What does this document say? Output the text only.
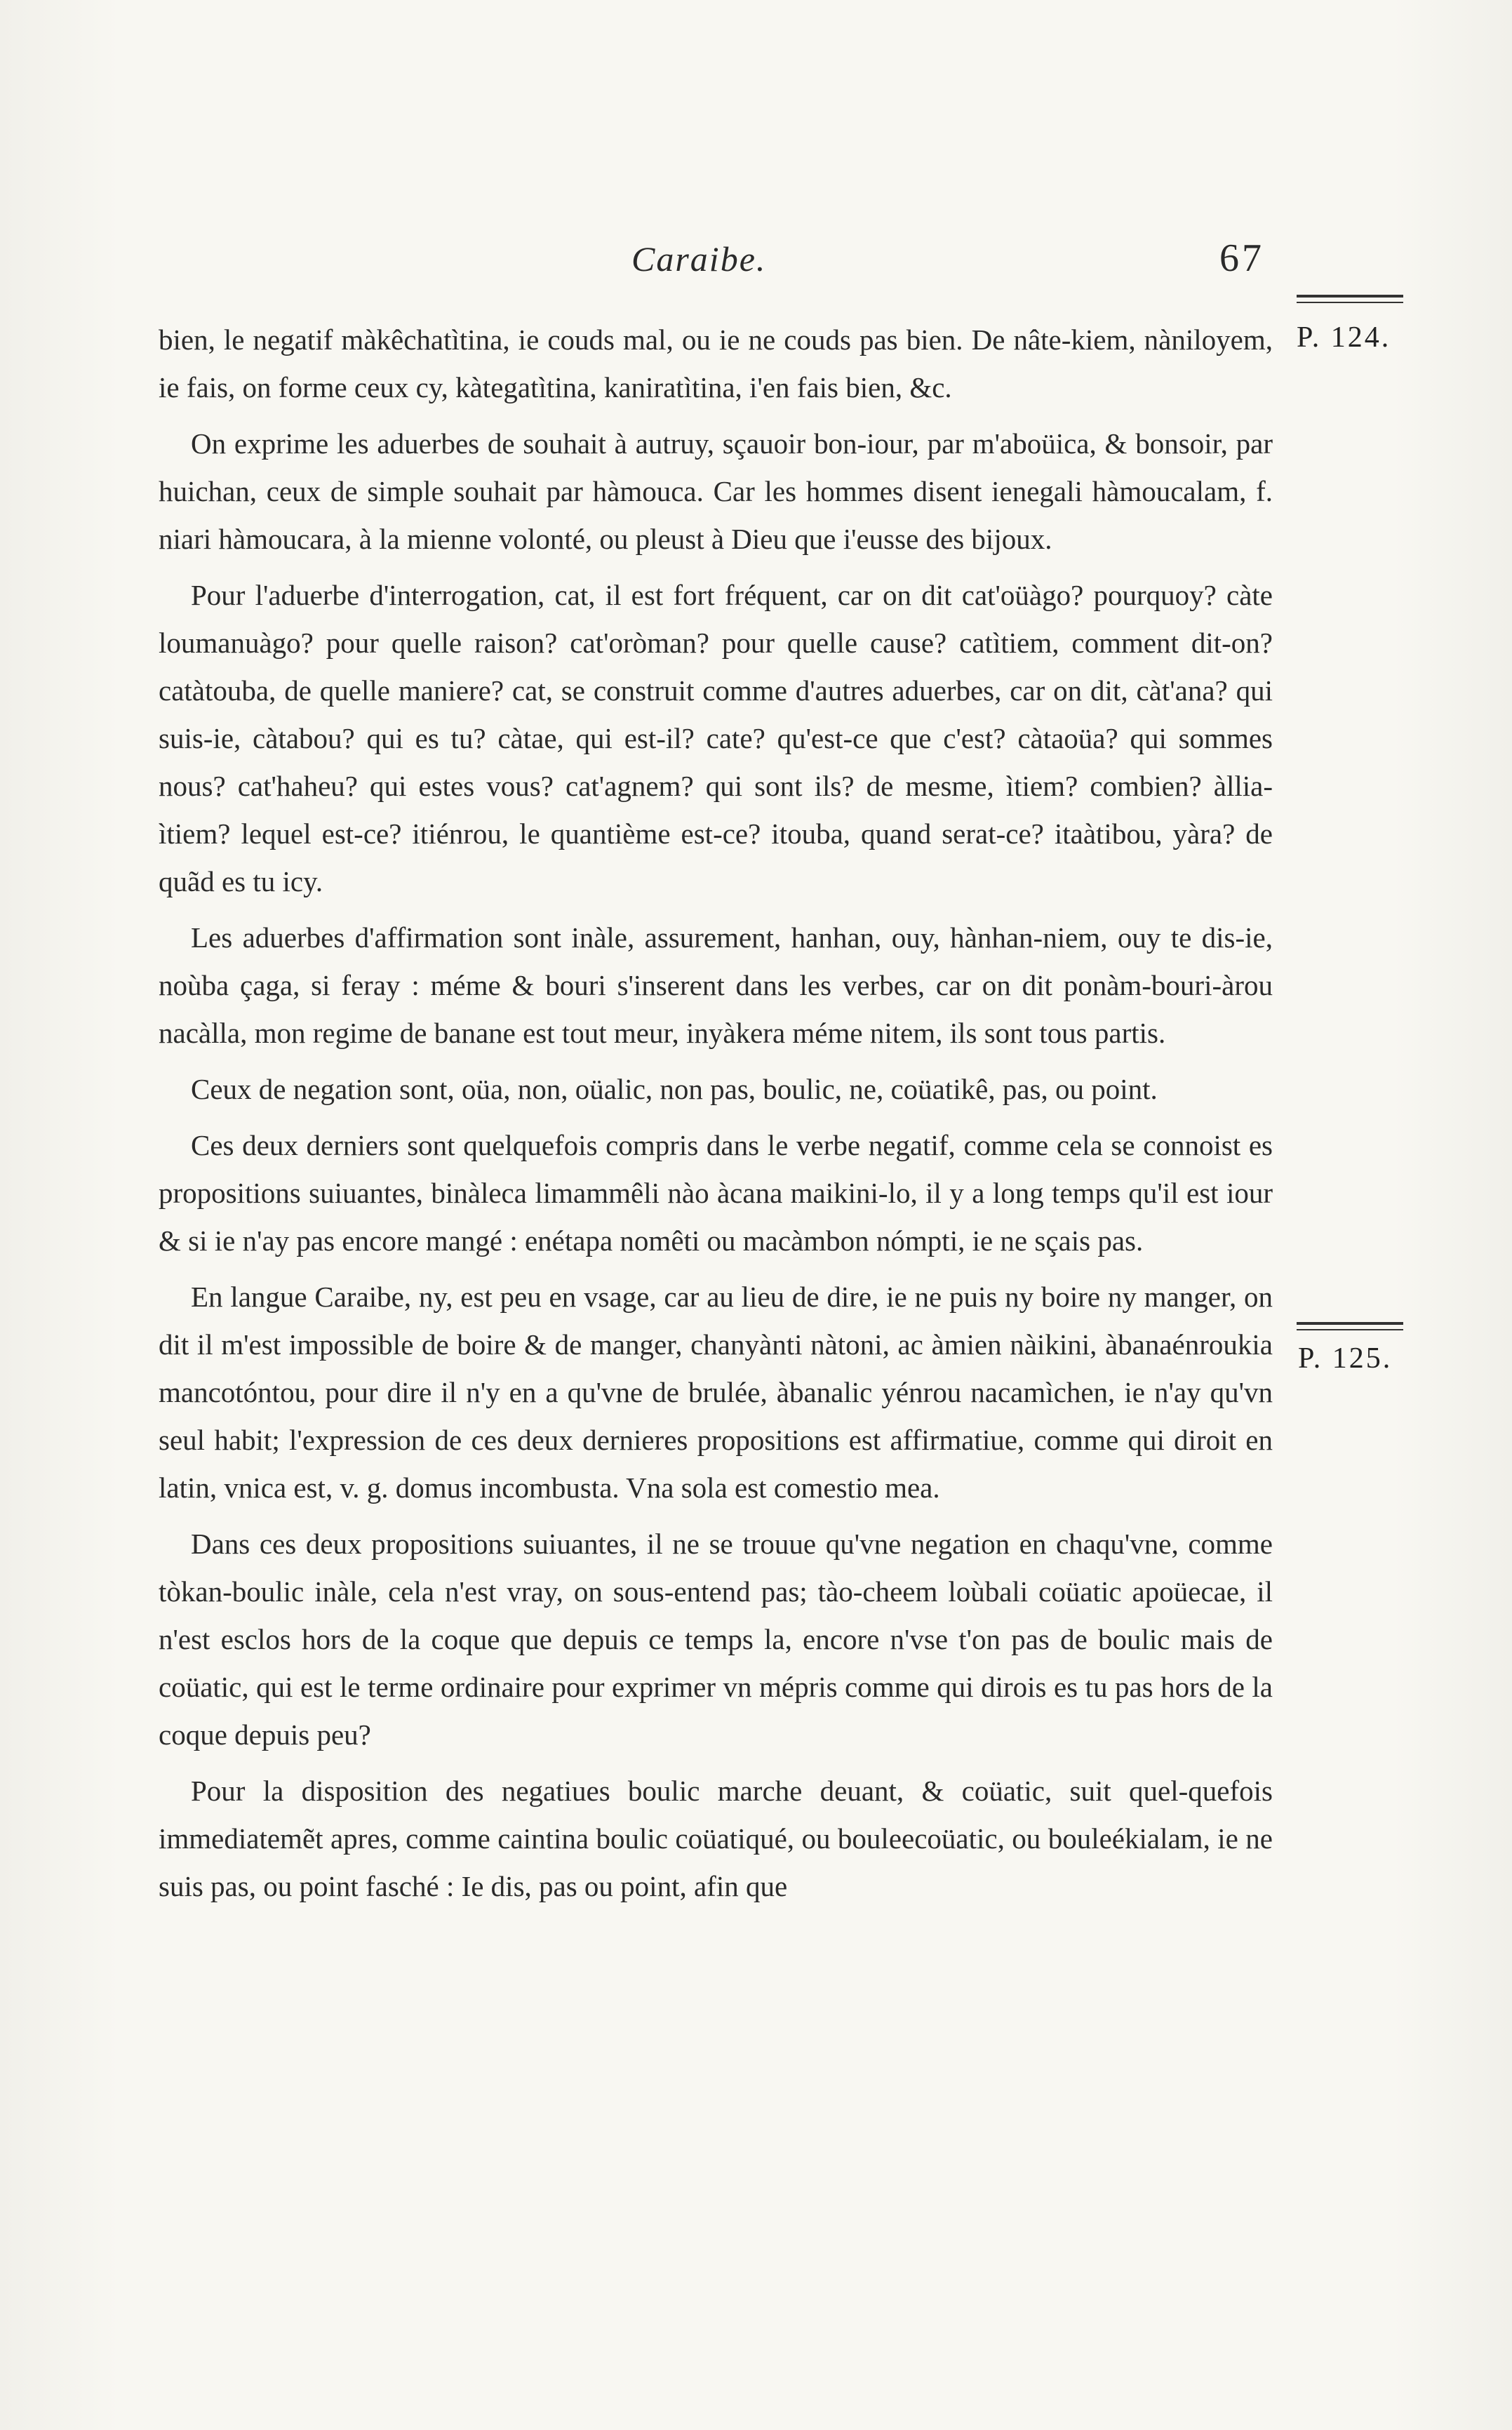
Caraibe.	67
P. 124.
P. 125.

bien, le negatif màkêchatìtina, ie couds mal, ou ie ne couds pas bien. De nâte-kiem, nàniloyem, ie fais, on forme ceux cy, kàtegatìtina, kaniratìtina, i'en fais bien, &c.

On exprime les aduerbes de souhait à autruy, sçauoir bon-iour, par m'aboüica, & bonsoir, par huichan, ceux de simple souhait par hàmouca. Car les hommes disent ienegali hàmoucalam, f. niari hàmoucara, à la mienne volonté, ou pleust à Dieu que i'eusse des bijoux.

Pour l'aduerbe d'interrogation, cat, il est fort fréquent, car on dit cat'oüàgo? pourquoy? càte loumanuàgo? pour quelle raison? cat'oròman? pour quelle cause? catìtiem, comment dit-on? catàtouba, de quelle maniere? cat, se construit comme d'autres aduerbes, car on dit, càt'ana? qui suis-ie, càtabou? qui es tu? càtae, qui est-il? cate? qu'est-ce que c'est? càtaoüa? qui sommes nous? cat'haheu? qui estes vous? cat'agnem? qui sont ils? de mesme, ìtiem? combien? àllia-ìtiem? lequel est-ce? itiénrou, le quantième est-ce? itouba, quand serat-ce? itaàtibou, yàra? de quãd es tu icy.

Les aduerbes d'affirmation sont inàle, assurement, hanhan, ouy, hànhan-niem, ouy te dis-ie, noùba çaga, si feray : méme & bouri s'inserent dans les verbes, car on dit ponàm-bouri-àrou nacàlla, mon regime de banane est tout meur, inyàkera méme nitem, ils sont tous partis.

Ceux de negation sont, oüa, non, oüalic, non pas, boulic, ne, coüatikê, pas, ou point.

Ces deux derniers sont quelquefois compris dans le verbe negatif, comme cela se connoist es propositions suiuantes, binàleca limammêli nào àcana maikini-lo, il y a long temps qu'il est iour & si ie n'ay pas encore mangé : enétapa nomêti ou macàmbon nómpti, ie ne sçais pas.

En langue Caraibe, ny, est peu en vsage, car au lieu de dire, ie ne puis ny boire ny manger, on dit il m'est impossible de boire & de manger, chanyànti nàtoni, ac àmien nàikini, àbanaénroukia mancotóntou, pour dire il n'y en a qu'vne de brulée, àbanalic yénrou nacamìchen, ie n'ay qu'vn seul habit; l'expression de ces deux dernieres propositions est affirmatiue, comme qui diroit en latin, vnica est, v. g. domus incombusta. Vna sola est comestio mea.

Dans ces deux propositions suiuantes, il ne se trouue qu'vne negation en chaqu'vne, comme tòkan-boulic inàle, cela n'est vray, on sous-entend pas; tào-cheem loùbali coüatic apoüecae, il n'est esclos hors de la coque que depuis ce temps la, encore n'vse t'on pas de boulic mais de coüatic, qui est le terme ordinaire pour exprimer vn mépris comme qui dirois es tu pas hors de la coque depuis peu?

Pour la disposition des negatiues boulic marche deuant, & coüatic, suit quel-quefois immediatemẽt apres, comme caintina boulic coüatiqué, ou bouleecoüatic, ou bouleékialam, ie ne suis pas, ou point fasché : Ie dis, pas ou point, afin que
